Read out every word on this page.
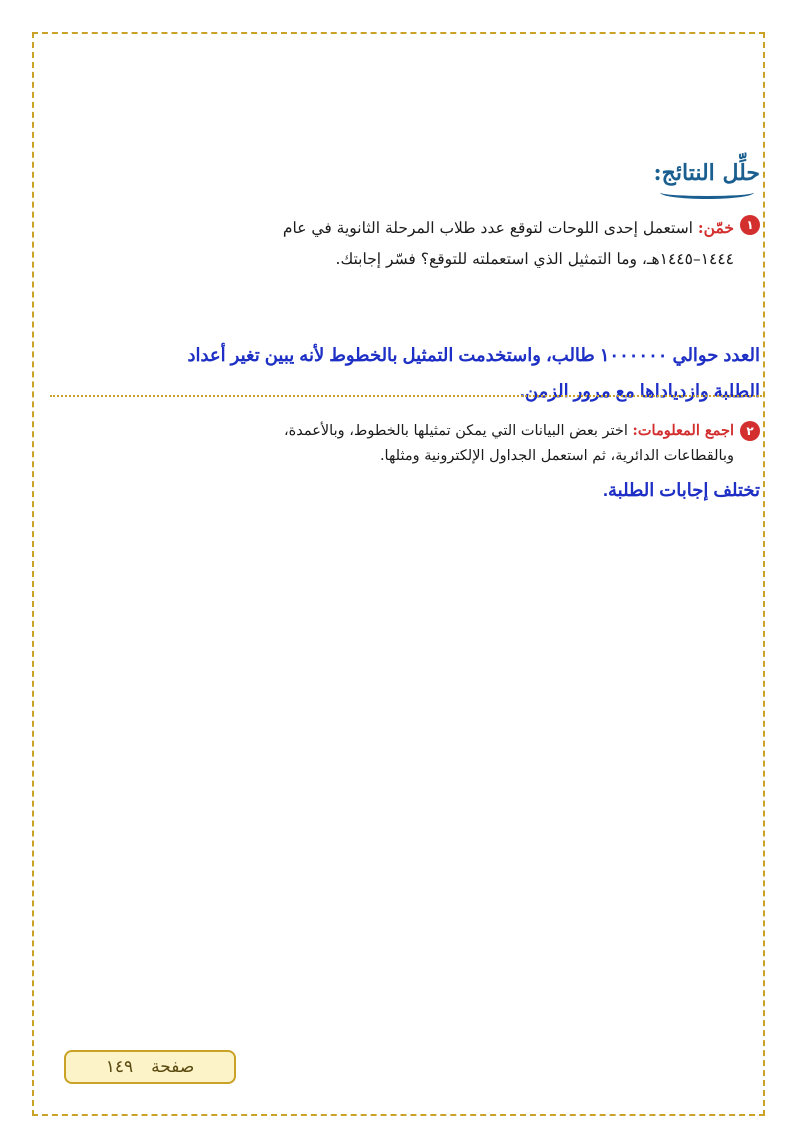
حلِّل النتائج:
١
خمّن: استعمل إحدى اللوحات لتوقع عدد طلاب المرحلة الثانوية في عام
١٤٤٤–١٤٤٥هـ، وما التمثيل الذي استعملته للتوقع؟ فسّر إجابتك.
العدد حوالي ١٠٠٠٠٠٠ طالب، واستخدمت التمثيل بالخطوط لأنه يبين تغير أعداد
الطلبة وازدياداها مع مرور الزمن.
٢
اجمع المعلومات: اختر بعض البيانات التي يمكن تمثيلها بالخطوط، وبالأعمدة،
وبالقطاعات الدائرية، ثم استعمل الجداول الإلكترونية ومثلها.
تختلف إجابات الطلبة.
صفحة
١٤٩
